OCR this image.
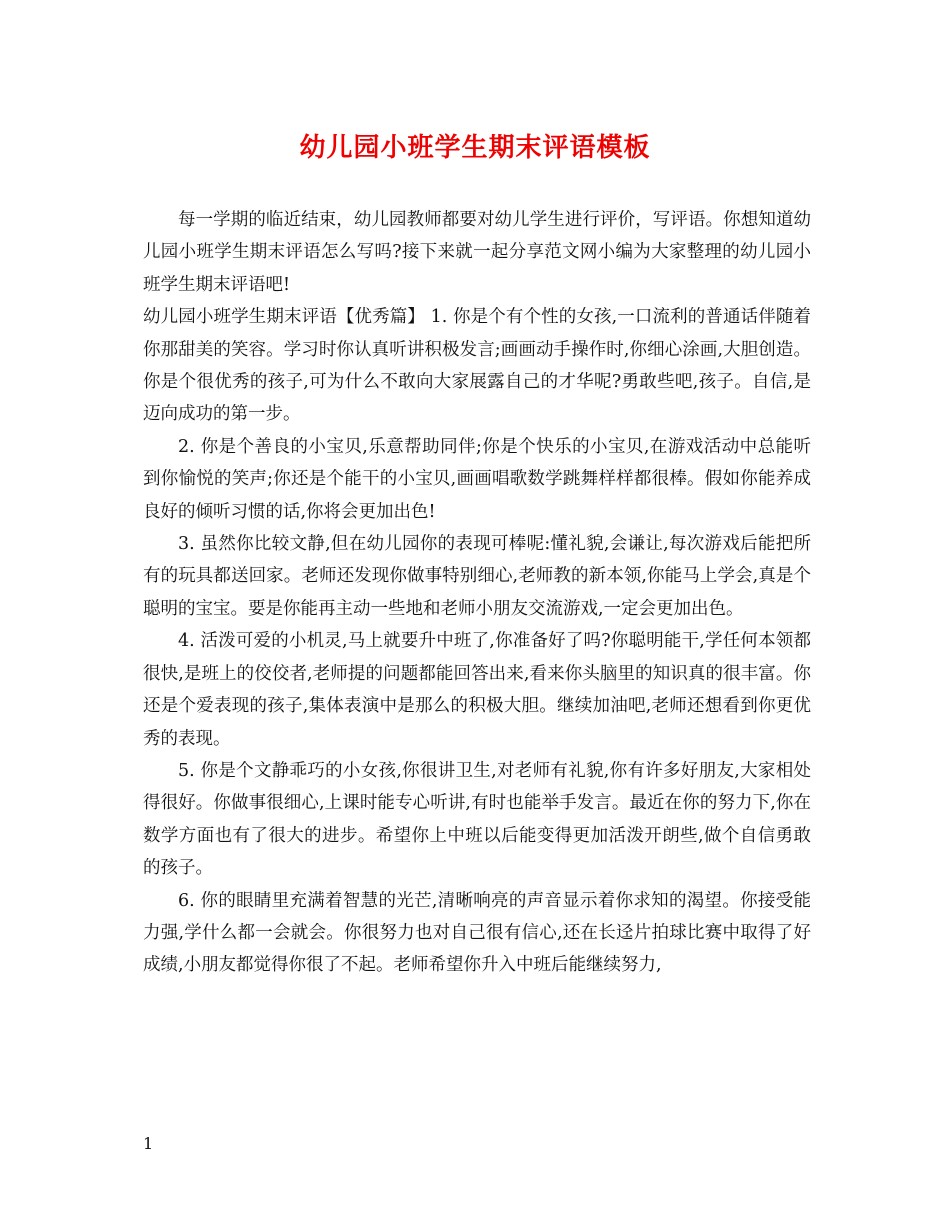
幼儿园小班学生期末评语模板

每一学期的临近结束，幼儿园教师都要对幼儿学生进行评价，写评语。你想知道幼儿园小班学生期末评语怎么写吗?接下来就一起分享范文网小编为大家整理的幼儿园小班学生期末评语吧!

幼儿园小班学生期末评语【优秀篇】 1. 你是个有个性的女孩,一口流利的普通话伴随着你那甜美的笑容。学习时你认真听讲积极发言;画画动手操作时,你细心涂画,大胆创造。你是个很优秀的孩子,可为什么不敢向大家展露自己的才华呢?勇敢些吧,孩子。自信,是迈向成功的第一步。

2. 你是个善良的小宝贝,乐意帮助同伴;你是个快乐的小宝贝,在游戏活动中总能听到你愉悦的笑声;你还是个能干的小宝贝,画画唱歌数学跳舞样样都很棒。假如你能养成良好的倾听习惯的话,你将会更加出色!

3. 虽然你比较文静,但在幼儿园你的表现可棒呢:懂礼貌,会谦让,每次游戏后能把所有的玩具都送回家。老师还发现你做事特别细心,老师教的新本领,你能马上学会,真是个聪明的宝宝。要是你能再主动一些地和老师小朋友交流游戏,一定会更加出色。

4. 活泼可爱的小机灵,马上就要升中班了,你准备好了吗?你聪明能干,学任何本领都很快,是班上的佼佼者,老师提的问题都能回答出来,看来你头脑里的知识真的很丰富。你还是个爱表现的孩子,集体表演中是那么的积极大胆。继续加油吧,老师还想看到你更优秀的表现。

5. 你是个文静乖巧的小女孩,你很讲卫生,对老师有礼貌,你有许多好朋友,大家相处得很好。你做事很细心,上课时能专心听讲,有时也能举手发言。最近在你的努力下,你在数学方面也有了很大的进步。希望你上中班以后能变得更加活泼开朗些,做个自信勇敢的孩子。

6. 你的眼睛里充满着智慧的光芒,清晰响亮的声音显示着你求知的渴望。你接受能力强,学什么都一会就会。你很努力也对自己很有信心,还在长迳片拍球比赛中取得了好成绩,小朋友都觉得你很了不起。老师希望你升入中班后能继续努力,

1
